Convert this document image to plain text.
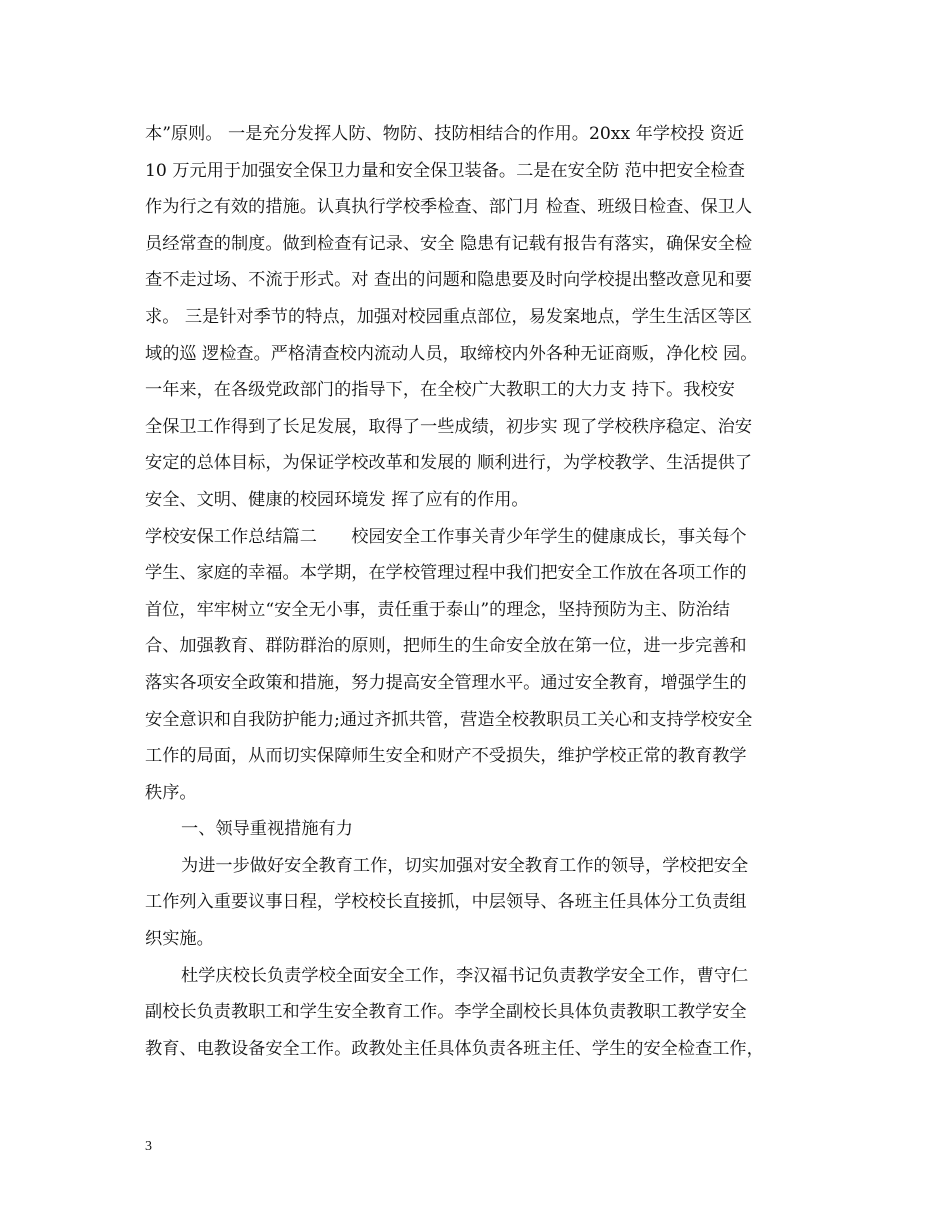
本”原则。 一是充分发挥人防、物防、技防相结合的作用。20xx 年学校投 资近
10 万元用于加强安全保卫力量和安全保卫装备。二是在安全防 范中把安全检查
作为行之有效的措施。认真执行学校季检查、部门月 检查、班级日检查、保卫人
员经常查的制度。做到检查有记录、安全 隐患有记载有报告有落实，确保安全检
查不走过场、不流于形式。对 查出的问题和隐患要及时向学校提出整改意见和要
求。 三是针对季节的特点，加强对校园重点部位，易发案地点，学生生活区等区
域的巡 逻检查。严格清查校内流动人员，取缔校内外各种无证商贩，净化校 园。
一年来，在各级党政部门的指导下，在全校广大教职工的大力支 持下。我校安
全保卫工作得到了长足发展，取得了一些成绩，初步实 现了学校秩序稳定、治安
安定的总体目标，为保证学校改革和发展的 顺利进行，为学校教学、生活提供了
安全、文明、健康的校园环境发 挥了应有的作用。
学校安保工作总结篇二　　校园安全工作事关青少年学生的健康成长，事关每个
学生、家庭的幸福。本学期，在学校管理过程中我们把安全工作放在各项工作的
首位，牢牢树立“安全无小事，责任重于泰山”的理念，坚持预防为主、防治结
合、加强教育、群防群治的原则，把师生的生命安全放在第一位，进一步完善和
落实各项安全政策和措施，努力提高安全管理水平。通过安全教育，增强学生的
安全意识和自我防护能力;通过齐抓共管，营造全校教职员工关心和支持学校安全
工作的局面，从而切实保障师生安全和财产不受损失，维护学校正常的教育教学
秩序。
一、领导重视措施有力
为进一步做好安全教育工作，切实加强对安全教育工作的领导，学校把安全
工作列入重要议事日程，学校校长直接抓，中层领导、各班主任具体分工负责组
织实施。
杜学庆校长负责学校全面安全工作，李汉福书记负责教学安全工作，曹守仁
副校长负责教职工和学生安全教育工作。李学全副校长具体负责教职工教学安全
教育、电教设备安全工作。政教处主任具体负责各班主任、学生的安全检查工作，
3
